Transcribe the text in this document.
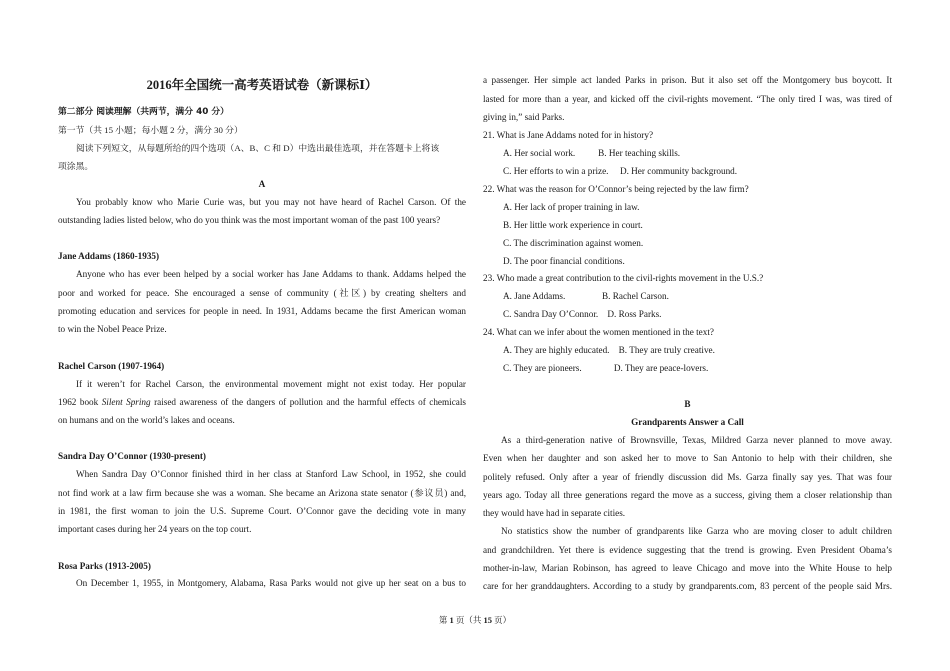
2016年全国统一高考英语试卷（新课标Ⅰ）
第二部分 阅读理解（共两节，满分 40 分）
第一节（共 15 小题；每小题 2 分，满分 30 分）
阅读下列短文，从每题所给的四个选项（A、B、C 和 D）中选出最佳选项，并在答题卡上将该
项涂黑。
A
You probably know who Marie Curie was, but you may not have heard of Rachel Carson. Of the
outstanding ladies listed below, who do you think was the most important woman of the past 100 years?
Jane Addams (1860-1935)
Anyone who has ever been helped by a social worker has Jane Addams to thank. Addams helped the
poor and worked for peace. She encouraged a sense of community (社区) by creating shelters and
promoting education and services for people in need. In 1931, Addams became the first American woman
to win the Nobel Peace Prize.
Rachel Carson (1907-1964)
If it weren’t for Rachel Carson, the environmental movement might not exist today. Her popular
1962 book Silent Spring raised awareness of the dangers of pollution and the harmful effects of chemicals
on humans and on the world’s lakes and oceans.
Sandra Day O’Connor (1930-present)
When Sandra Day O’Connor finished third in her class at Stanford Law School, in 1952, she could
not find work at a law firm because she was a woman. She became an Arizona state senator (参议员) and,
in 1981, the first woman to join the U.S. Supreme Court. O’Connor gave the deciding vote in many
important cases during her 24 years on the top court.
Rosa Parks (1913-2005)
On December 1, 1955, in Montgomery, Alabama, Rasa Parks would not give up her seat on a bus to
a passenger. Her simple act landed Parks in prison. But it also set off the Montgomery bus boycott. It
lasted for more than a year, and kicked off the civil-rights movement. “The only tired I was, was tired of
giving in,” said Parks.
21. What is Jane Addams noted for in history?
A. Her social work.          B. Her teaching skills.
C. Her efforts to win a prize.     D. Her community background.
22. What was the reason for O’Connor’s being rejected by the law firm?
A. Her lack of proper training in law.
B. Her little work experience in court.
C. The discrimination against women.
D. The poor financial conditions.
23. Who made a great contribution to the civil-rights movement in the U.S.?
A. Jane Addams.                B. Rachel Carson.
C. Sandra Day O’Connor.    D. Ross Parks.
24. What can we infer about the women mentioned in the text?
A. They are highly educated.    B. They are truly creative.
C. They are pioneers.              D. They are peace-lovers.
B
Grandparents Answer a Call
As a third-generation native of Brownsville, Texas, Mildred Garza never planned to move away.
Even when her daughter and son asked her to move to San Antonio to help with their children, she
politely refused. Only after a year of friendly discussion did Ms. Garza finally say yes. That was four
years ago. Today all three generations regard the move as a success, giving them a closer relationship than
they would have had in separate cities.
No statistics show the number of grandparents like Garza who are moving closer to adult children
and grandchildren. Yet there is evidence suggesting that the trend is growing. Even President Obama’s
mother-in-law, Marian Robinson, has agreed to leave Chicago and move into the White House to help
care for her granddaughters. According to a study by grandparents.com, 83 percent of the people said Mrs.
第 1 页（共 15 页）
